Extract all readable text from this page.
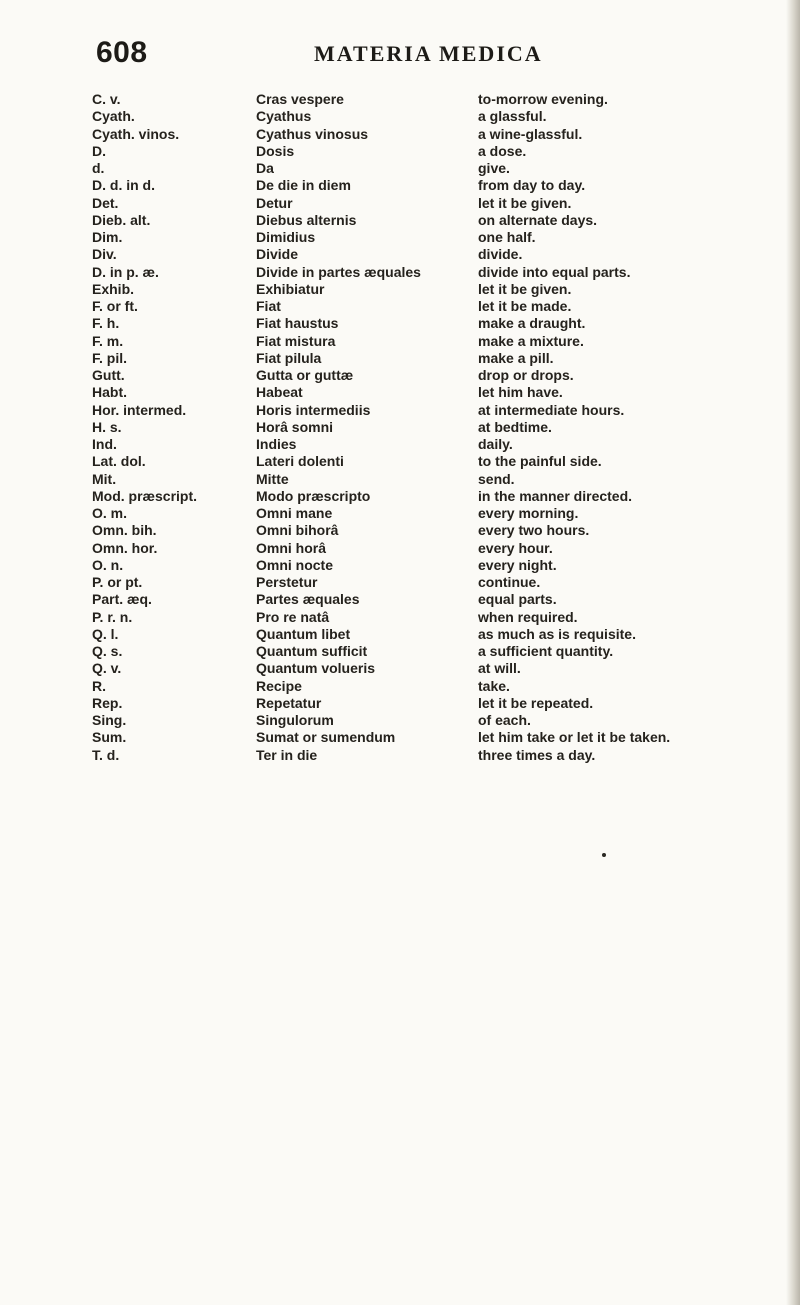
608	MATERIA MEDICA
C. v.	Cras vespere	to-morrow evening.
Cyath.	Cyathus	a glassful.
Cyath. vinos.	Cyathus vinosus	a wine-glassful.
D.	Dosis	a dose.
d.	Da	give.
D. d. in d.	De die in diem	from day to day.
Det.	Detur	let it be given.
Dieb. alt.	Diebus alternis	on alternate days.
Dim.	Dimidius	one half.
Div.	Divide	divide.
D. in p. æ.	Divide in partes æquales	divide into equal parts.
Exhib.	Exhibiatur	let it be given.
F. or ft.	Fiat	let it be made.
F. h.	Fiat haustus	make a draught.
F. m.	Fiat mistura	make a mixture.
F. pil.	Fiat pilula	make a pill.
Gutt.	Gutta or guttæ	drop or drops.
Habt.	Habeat	let him have.
Hor. intermed.	Horis intermediis	at intermediate hours.
H. s.	Horâ somni	at bedtime.
Ind.	Indies	daily.
Lat. dol.	Lateri dolenti	to the painful side.
Mit.	Mitte	send.
Mod. præscript.	Modo præscripto	in the manner directed.
O. m.	Omni mane	every morning.
Omn. bih.	Omni bihorâ	every two hours.
Omn. hor.	Omni horâ	every hour.
O. n.	Omni nocte	every night.
P. or pt.	Perstetur	continue.
Part. æq.	Partes æquales	equal parts.
P. r. n.	Pro re natâ	when required.
Q. l.	Quantum libet	as much as is requisite.
Q. s.	Quantum sufficit	a sufficient quantity.
Q. v.	Quantum volueris	at will.
R.	Recipe	take.
Rep.	Repetatur	let it be repeated.
Sing.	Singulorum	of each.
Sum.	Sumat or sumendum	let him take or let it be taken.
T. d.	Ter in die	three times a day.
